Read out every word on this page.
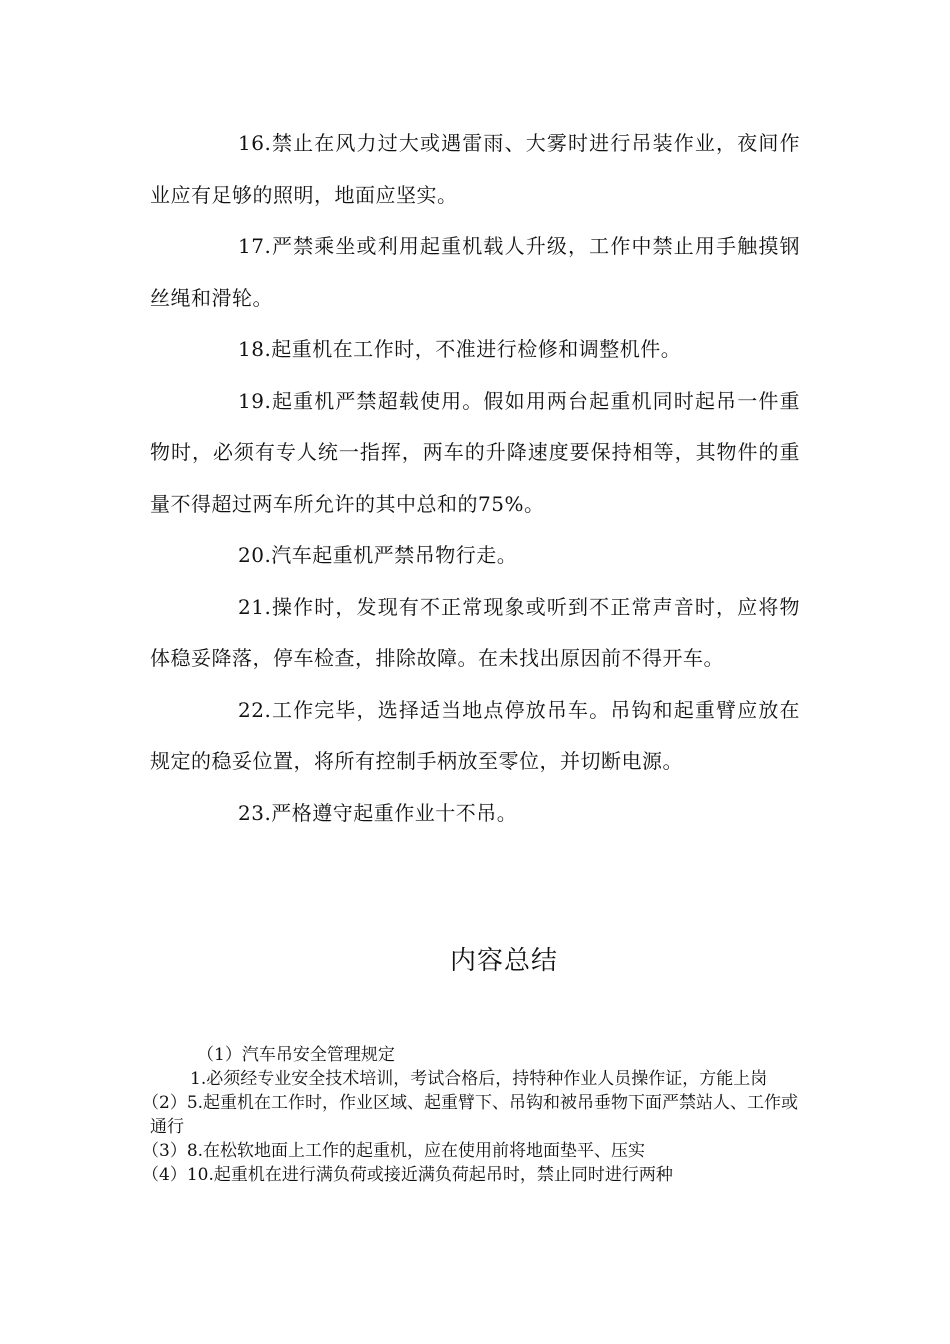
16.禁止在风力过大或遇雷雨、大雾时进行吊装作业，夜间作业应有足够的照明，地面应坚实。

17.严禁乘坐或利用起重机载人升级，工作中禁止用手触摸钢丝绳和滑轮。

18.起重机在工作时，不准进行检修和调整机件。

19.起重机严禁超载使用。假如用两台起重机同时起吊一件重物时，必须有专人统一指挥，两车的升降速度要保持相等，其物件的重量不得超过两车所允许的其中总和的75%。

20.汽车起重机严禁吊物行走。

21.操作时，发现有不正常现象或听到不正常声音时，应将物体稳妥降落，停车检查，排除故障。在未找出原因前不得开车。

22.工作完毕，选择适当地点停放吊车。吊钩和起重臂应放在规定的稳妥位置，将所有控制手柄放至零位，并切断电源。

23.严格遵守起重作业十不吊。

内容总结

（1）汽车吊安全管理规定

1.必须经专业安全技术培训，考试合格后，持特种作业人员操作证，方能上岗

（2）5.起重机在工作时，作业区域、起重臂下、吊钩和被吊垂物下面严禁站人、工作或通行

（3）8.在松软地面上工作的起重机，应在使用前将地面垫平、压实

（4）10.起重机在进行满负荷或接近满负荷起吊时，禁止同时进行两种
